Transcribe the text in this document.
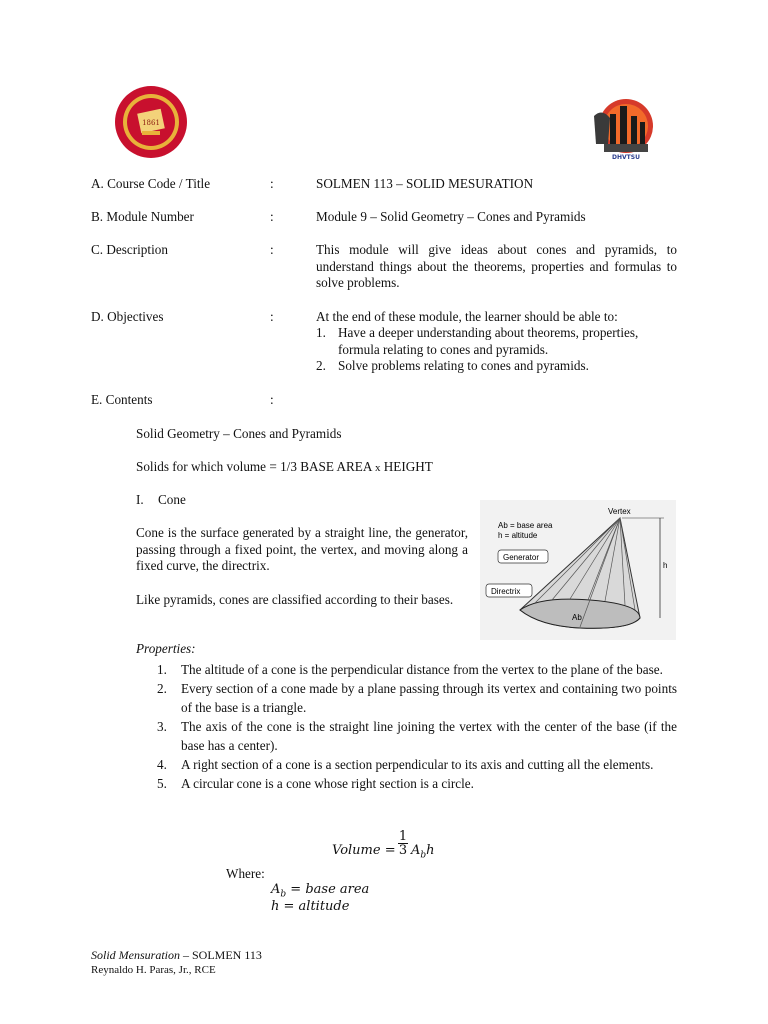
1861
DHVTSU
A. Course Code / Title	:	SOLMEN 113 – SOLID MESURATION
B. Module Number	:	Module 9 – Solid Geometry – Cones and Pyramids
C. Description	:	This module will give ideas about cones and pyramids, to understand things about the theorems, properties and formulas to solve problems.
D. Objectives	:	At the end of these module, the learner should be able to:
1. Have a deeper understanding about theorems, properties, formula relating to cones and pyramids.
2. Solve problems relating to cones and pyramids.
E. Contents	:
Solid Geometry – Cones and Pyramids
Solids for which volume = 1/3 BASE AREA x HEIGHT
I. Cone
Cone is the surface generated by a straight line, the generator, passing through a fixed point, the vertex, and moving along a fixed curve, the directrix.
Like pyramids, cones are classified according to their bases.
Vertex
Ab = base area
h = altitude
Generator
Directrix
h
Ab
Properties:
1. The altitude of a cone is the perpendicular distance from the vertex to the plane of the base.
2. Every section of a cone made by a plane passing through its vertex and containing two points of the base is a triangle.
3. The axis of the cone is the straight line joining the vertex with the center of the base (if the base has a center).
4. A right section of a cone is a section perpendicular to its axis and cutting all the elements.
5. A circular cone is a cone whose right section is a circle.
Volume =
1
3 $A_bh$
Where:
$A_b$ = base area
h = altitude
Solid Mensuration – SOLMEN 113
Reynaldo H. Paras, Jr., RCE
